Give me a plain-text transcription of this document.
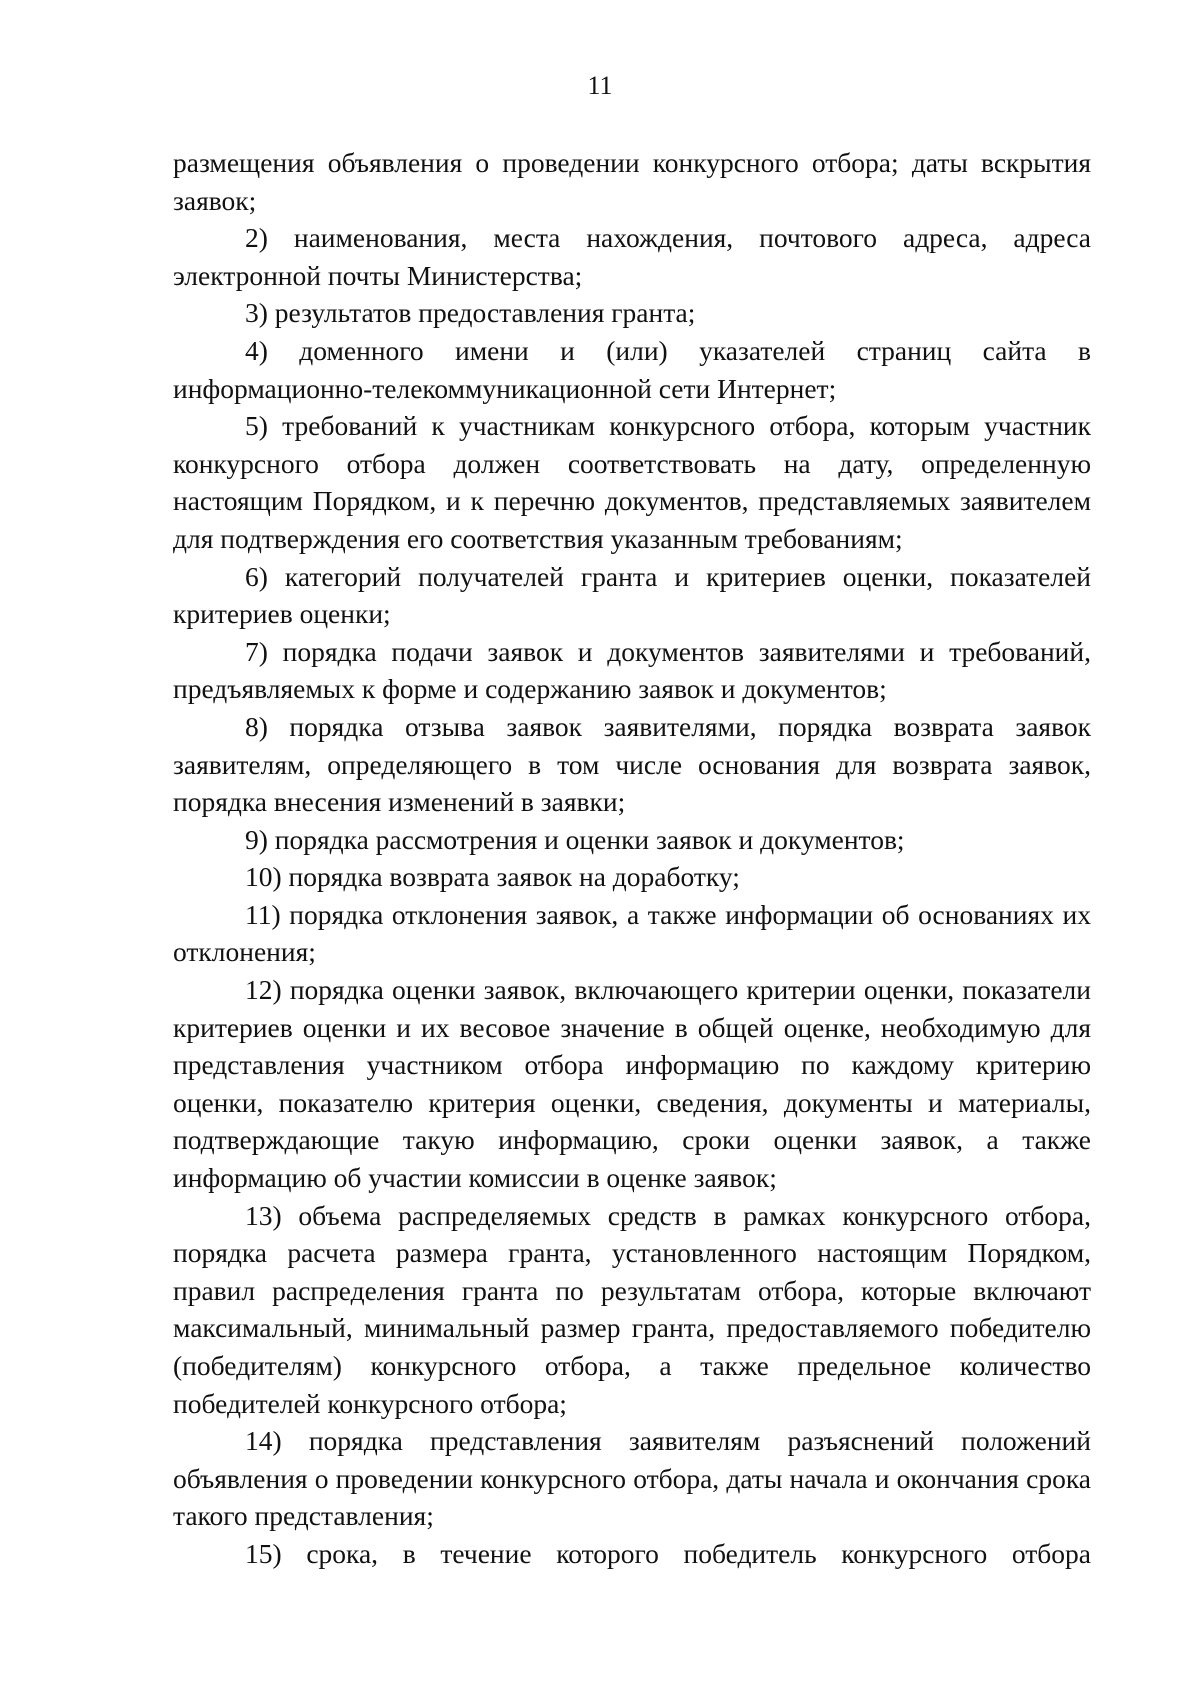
11

размещения объявления о проведении конкурсного отбора; даты вскрытия заявок;

2) наименования, места нахождения, почтового адреса, адреса электронной почты Министерства;

3) результатов предоставления гранта;

4) доменного имени и (или) указателей страниц сайта в информационно-телекоммуникационной сети Интернет;

5) требований к участникам конкурсного отбора, которым участник конкурсного отбора должен соответствовать на дату, определенную настоящим Порядком, и к перечню документов, представляемых заявителем для подтверждения его соответствия указанным требованиям;

6) категорий получателей гранта и критериев оценки, показателей критериев оценки;

7) порядка подачи заявок и документов заявителями и требований, предъявляемых к форме и содержанию заявок и документов;

8) порядка отзыва заявок заявителями, порядка возврата заявок заявителям, определяющего в том числе основания для возврата заявок, порядка внесения изменений в заявки;

9) порядка рассмотрения и оценки заявок и документов;

10) порядка возврата заявок на доработку;

11) порядка отклонения заявок, а также информации об основаниях их отклонения;

12) порядка оценки заявок, включающего критерии оценки, показатели критериев оценки и их весовое значение в общей оценке, необходимую для представления участником отбора информацию по каждому критерию оценки, показателю критерия оценки, сведения, документы и материалы, подтверждающие такую информацию, сроки оценки заявок, а также информацию об участии комиссии в оценке заявок;

13) объема распределяемых средств в рамках конкурсного отбора, порядка расчета размера гранта, установленного настоящим Порядком, правил распределения гранта по результатам отбора, которые включают максимальный, минимальный размер гранта, предоставляемого победителю (победителям) конкурсного отбора, а также предельное количество победителей конкурсного отбора;

14) порядка представления заявителям разъяснений положений объявления о проведении конкурсного отбора, даты начала и окончания срока такого представления;

15) срока, в течение которого победитель конкурсного отбора
